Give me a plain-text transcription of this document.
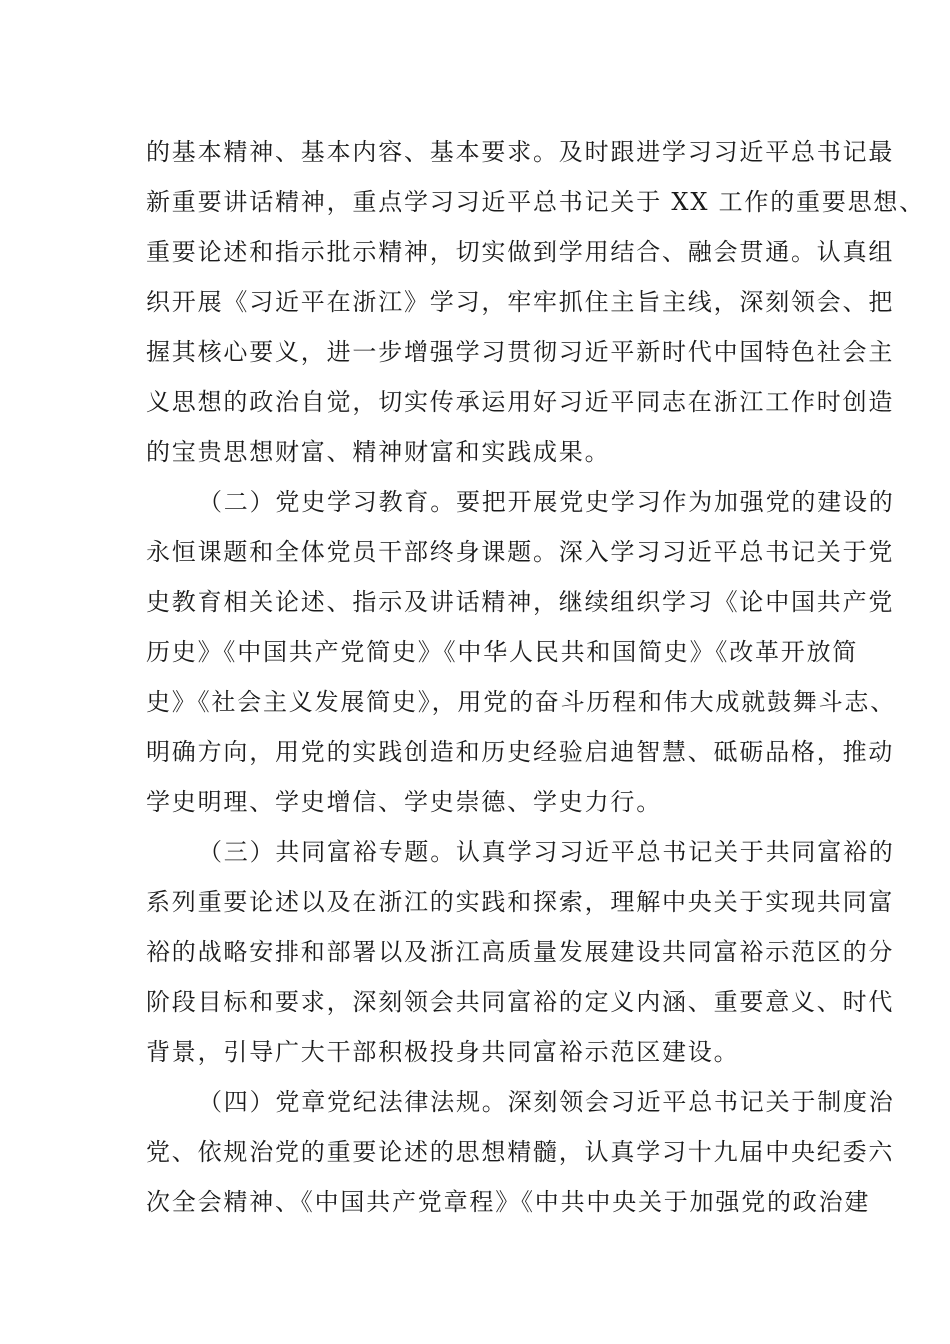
的基本精神、基本内容、基本要求。及时跟进学习习近平总书记最
新重要讲话精神，重点学习习近平总书记关于 XX 工作的重要思想、
重要论述和指示批示精神，切实做到学用结合、融会贯通。认真组
织开展《习近平在浙江》学习，牢牢抓住主旨主线，深刻领会、把
握其核心要义，进一步增强学习贯彻习近平新时代中国特色社会主
义思想的政治自觉，切实传承运用好习近平同志在浙江工作时创造
的宝贵思想财富、精神财富和实践成果。
（二）党史学习教育。要把开展党史学习作为加强党的建设的
永恒课题和全体党员干部终身课题。深入学习习近平总书记关于党
史教育相关论述、指示及讲话精神，继续组织学习《论中国共产党
历史》《中国共产党简史》《中华人民共和国简史》《改革开放简
史》《社会主义发展简史》，用党的奋斗历程和伟大成就鼓舞斗志、
明确方向，用党的实践创造和历史经验启迪智慧、砥砺品格，推动
学史明理、学史增信、学史崇德、学史力行。
（三）共同富裕专题。认真学习习近平总书记关于共同富裕的
系列重要论述以及在浙江的实践和探索，理解中央关于实现共同富
裕的战略安排和部署以及浙江高质量发展建设共同富裕示范区的分
阶段目标和要求，深刻领会共同富裕的定义内涵、重要意义、时代
背景，引导广大干部积极投身共同富裕示范区建设。
（四）党章党纪法律法规。深刻领会习近平总书记关于制度治
党、依规治党的重要论述的思想精髓，认真学习十九届中央纪委六
次全会精神、《中国共产党章程》《中共中央关于加强党的政治建
